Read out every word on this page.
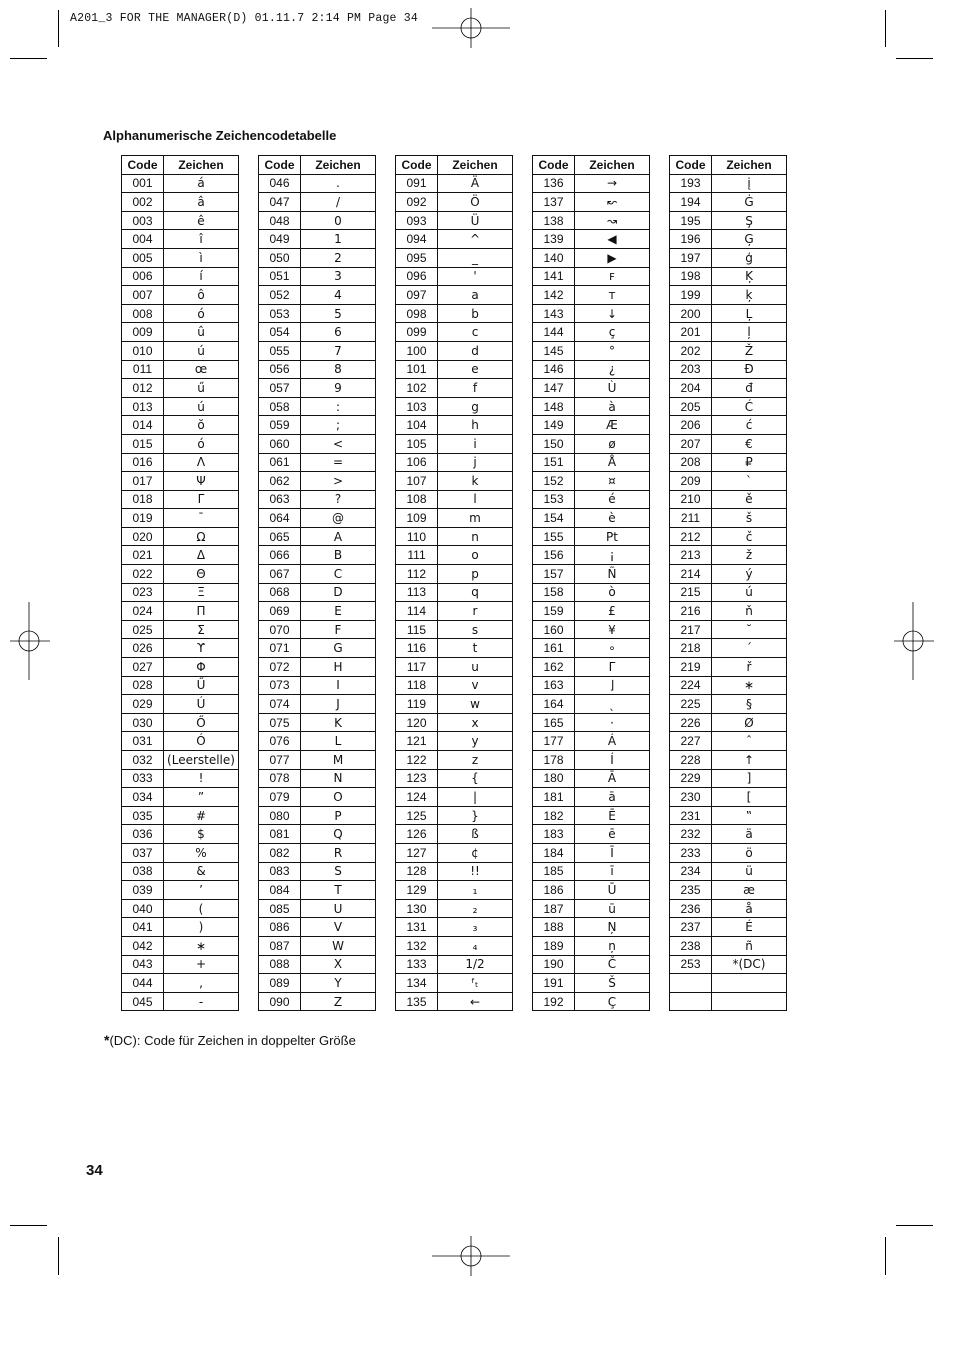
A201_3 FOR THE MANAGER(D) 01.11.7 2:14 PM Page 34
Alphanumerische Zeichencodetabelle
Code	Zeichen
001	á
002	â
003	ê
004	î
005	ì
006	í
007	ô
008	ó
009	û
010	ú
011	œ
012	ű
013	ú
014	ŏ
015	ó
016	Λ
017	Ψ
018	Γ
019	¯
020	Ω
021	Δ
022	Θ
023	Ξ
024	Π
025	Σ
026	ϒ
027	Φ
028	Ű
029	Ú
030	Ő
031	Ó
032	(Leerstelle)
033	!
034	”
035	#
036	$
037	%
038	&
039	’
040	(
041	)
042	∗
043	+
044	,
045	-
Code	Zeichen
046	.
047	/
048	0
049	1
050	2
051	3
052	4
053	5
054	6
055	7
056	8
057	9
058	:
059	;
060	<
061	=
062	>
063	?
064	@
065	A
066	B
067	C
068	D
069	E
070	F
071	G
072	H
073	I
074	J
075	K
076	L
077	M
078	N
079	O
080	P
081	Q
082	R
083	S
084	T
085	U
086	V
087	W
088	X
089	Y
090	Z
Code	Zeichen
091	Ä
092	Ö
093	Ü
094	^
095	_
096	'
097	a
098	b
099	c
100	d
101	e
102	f
103	g
104	h
105	i
106	j
107	k
108	l
109	m
110	n
111	o
112	p
113	q
114	r
115	s
116	t
117	u
118	v
119	w
120	x
121	y
122	z
123	{
124	|
125	}
126	ß
127	¢
128	!!
129	₁
130	₂
131	₃
132	₄
133	1/2
134	ᶠₜ
135	←
Code	Zeichen
136	→
137	↜
138	↝
139	◀
140	▶
141	ꜰ
142	ᴛ
143	↓
144	ç
145	°
146	¿
147	Ù
148	à
149	Æ
150	ø
151	Å
152	¤
153	é
154	è
155	Pt
156	¡
157	Ñ
158	ò
159	£
160	¥
161	∘
162	Γ
163	⌋
164	ˎ
165	·
177	Á
178	Í
180	Ā
181	ā
182	Ē
183	ē
184	Ī
185	ī
186	Ū
187	ū
188	Ņ
189	ņ
190	Č
191	Š
192	Ç
Code	Zeichen
193	į
194	Ġ
195	Ş
196	Ģ
197	ģ
198	Ķ
199	ķ
200	Ļ
201	ļ
202	Ž
203	Đ
204	đ
205	Ć
206	ć
207	€
208	₽
209	`
210	ě
211	š
212	č
213	ž
214	ý
215	ú
216	ň
217	˘
218	´
219	ř
224	∗
225	§
226	Ø
227	ˆ
228	↑
229	]
230	[
231	‟
232	ä
233	ö
234	ü
235	æ
236	å
237	É
238	ñ
253	*(DC)

*(DC): Code für Zeichen in doppelter Größe
34
